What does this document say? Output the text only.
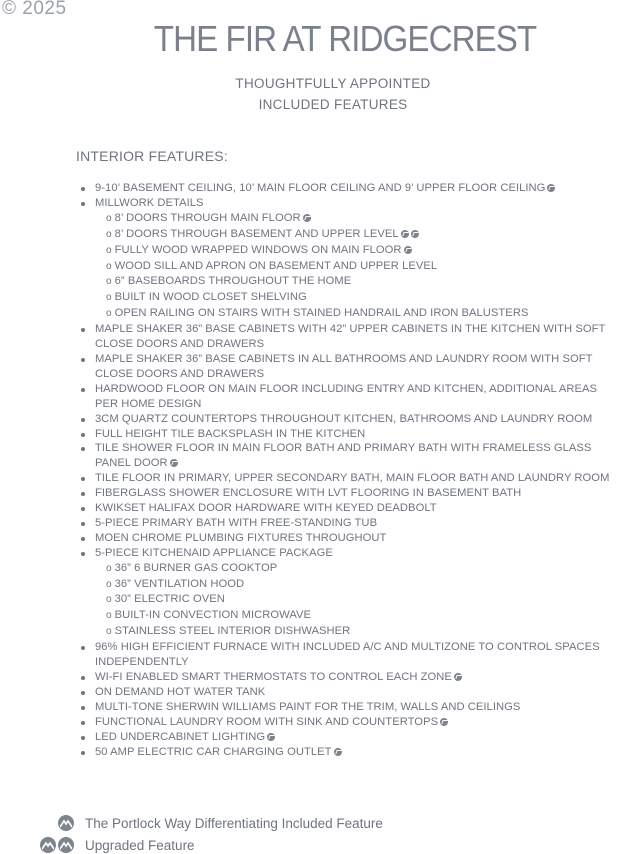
© 2025
THE FIR AT RIDGECREST
THOUGHTFULLY APPOINTED
INCLUDED FEATURES
INTERIOR FEATURES:
9-10’ BASEMENT CEILING, 10’ MAIN FLOOR CEILING AND 9’ UPPER FLOOR CEILING
MILLWORK DETAILS
o 8’ DOORS THROUGH MAIN FLOOR
o 8’ DOORS THROUGH BASEMENT AND UPPER LEVEL
o FULLY WOOD WRAPPED WINDOWS ON MAIN FLOOR
o WOOD SILL AND APRON ON BASEMENT AND UPPER LEVEL
o 6” BASEBOARDS THROUGHOUT THE HOME
o BUILT IN WOOD CLOSET SHELVING
o OPEN RAILING ON STAIRS WITH STAINED HANDRAIL AND IRON BALUSTERS
MAPLE SHAKER 36” BASE CABINETS WITH 42” UPPER CABINETS IN THE KITCHEN WITH SOFT
CLOSE DOORS AND DRAWERS
MAPLE SHAKER 36” BASE CABINETS IN ALL BATHROOMS AND LAUNDRY ROOM WITH SOFT
CLOSE DOORS AND DRAWERS
HARDWOOD FLOOR ON MAIN FLOOR INCLUDING ENTRY AND KITCHEN, ADDITIONAL AREAS
PER HOME DESIGN
3CM QUARTZ COUNTERTOPS THROUGHOUT KITCHEN, BATHROOMS AND LAUNDRY ROOM
FULL HEIGHT TILE BACKSPLASH IN THE KITCHEN
TILE SHOWER FLOOR IN MAIN FLOOR BATH AND PRIMARY BATH WITH FRAMELESS GLASS
PANEL DOOR
TILE FLOOR IN PRIMARY, UPPER SECONDARY BATH, MAIN FLOOR BATH AND LAUNDRY ROOM
FIBERGLASS SHOWER ENCLOSURE WITH LVT FLOORING IN BASEMENT BATH
KWIKSET HALIFAX DOOR HARDWARE WITH KEYED DEADBOLT
5-PIECE PRIMARY BATH WITH FREE-STANDING TUB
MOEN CHROME PLUMBING FIXTURES THROUGHOUT
5-PIECE KITCHENAID APPLIANCE PACKAGE
o 36” 6 BURNER GAS COOKTOP
o 36” VENTILATION HOOD
o 30” ELECTRIC OVEN
o BUILT-IN CONVECTION MICROWAVE
o STAINLESS STEEL INTERIOR DISHWASHER
96% HIGH EFFICIENT FURNACE WITH INCLUDED A/C AND MULTIZONE TO CONTROL SPACES
INDEPENDENTLY
WI-FI ENABLED SMART THERMOSTATS TO CONTROL EACH ZONE
ON DEMAND HOT WATER TANK
MULTI-TONE SHERWIN WILLIAMS PAINT FOR THE TRIM, WALLS AND CEILINGS
FUNCTIONAL LAUNDRY ROOM WITH SINK AND COUNTERTOPS
LED UNDERCABINET LIGHTING
50 AMP ELECTRIC CAR CHARGING OUTLET
The Portlock Way Differentiating Included Feature
Upgraded Feature
